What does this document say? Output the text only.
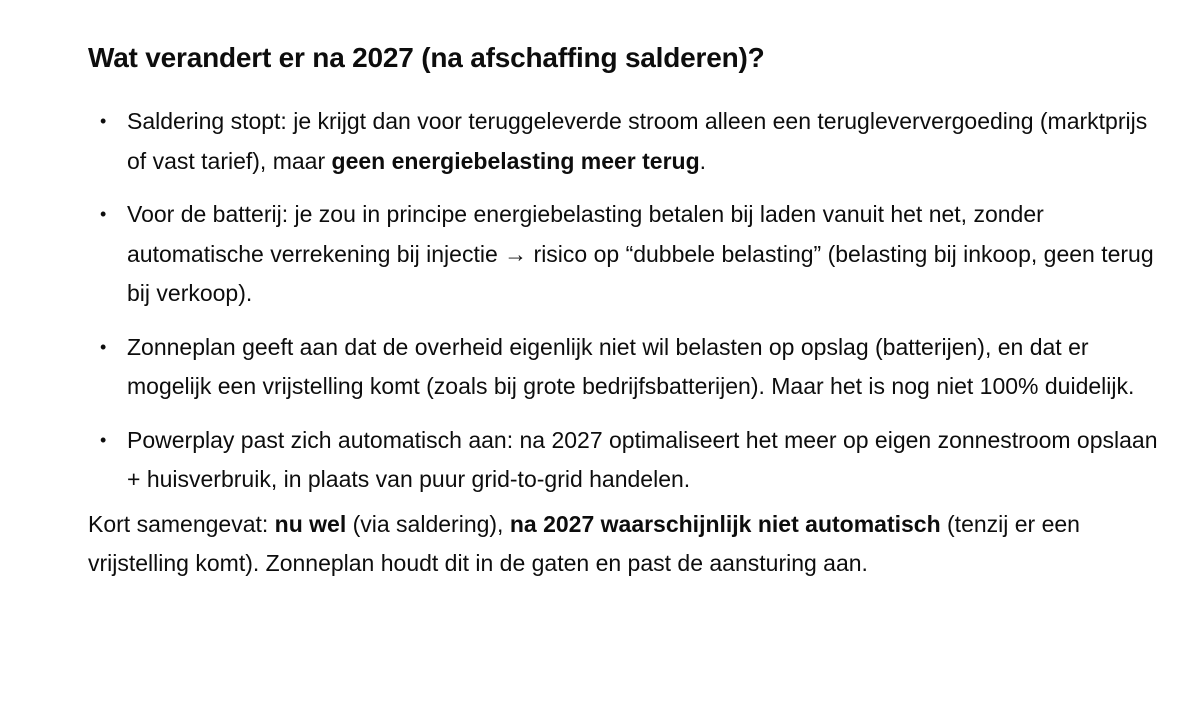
Wat verandert er na 2027 (na afschaffing salderen)?
• Saldering stopt: je krijgt dan voor teruggeleverde stroom alleen een terugleververgoeding (marktprijs of vast tarief), maar geen energiebelasting meer terug.
• Voor de batterij: je zou in principe energiebelasting betalen bij laden vanuit het net, zonder automatische verrekening bij injectie → risico op “dubbele belasting” (belasting bij inkoop, geen terug bij verkoop).
• Zonneplan geeft aan dat de overheid eigenlijk niet wil belasten op opslag (batterijen), en dat er mogelijk een vrijstelling komt (zoals bij grote bedrijfsbatterijen). Maar het is nog niet 100% duidelijk.
• Powerplay past zich automatisch aan: na 2027 optimaliseert het meer op eigen zonnestroom opslaan + huisverbruik, in plaats van puur grid-to-grid handelen.

Kort samengevat: nu wel (via saldering), na 2027 waarschijnlijk niet automatisch (tenzij er een vrijstelling komt). Zonneplan houdt dit in de gaten en past de aansturing aan.
